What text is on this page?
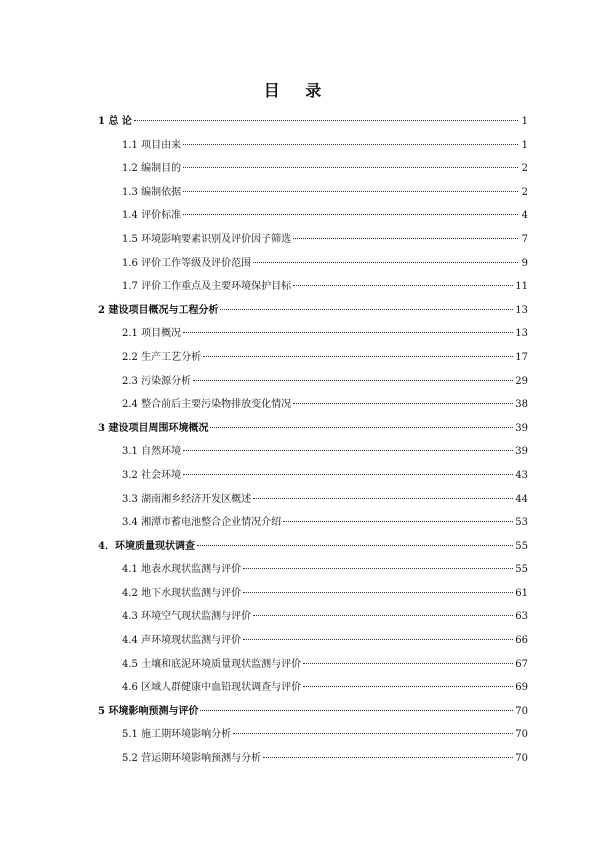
目 录
1 总 论	1
1.1 项目由来	1
1.2 编制目的	2
1.3 编制依据	2
1.4 评价标准	4
1.5 环境影响要素识别及评价因子筛选	7
1.6 评价工作等级及评价范围	9
1.7 评价工作重点及主要环境保护目标	11
2 建设项目概况与工程分析	13
2.1 项目概况	13
2.2 生产工艺分析	17
2.3 污染源分析	29
2.4 整合前后主要污染物排放变化情况	38
3 建设项目周围环境概况	39
3.1 自然环境	39
3.2 社会环境	43
3.3 湖南湘乡经济开发区概述	44
3.4 湘潭市蓄电池整合企业情况介绍	53
4．环境质量现状调查	55
4.1 地表水现状监测与评价	55
4.2 地下水现状监测与评价	61
4.3 环境空气现状监测与评价	63
4.4 声环境现状监测与评价	66
4.5 土壤和底泥环境质量现状监测与评价	67
4.6 区域人群健康中血铅现状调查与评价	69
5 环境影响预测与评价	70
5.1 施工期环境影响分析	70
5.2 营运期环境影响预测与分析	70
